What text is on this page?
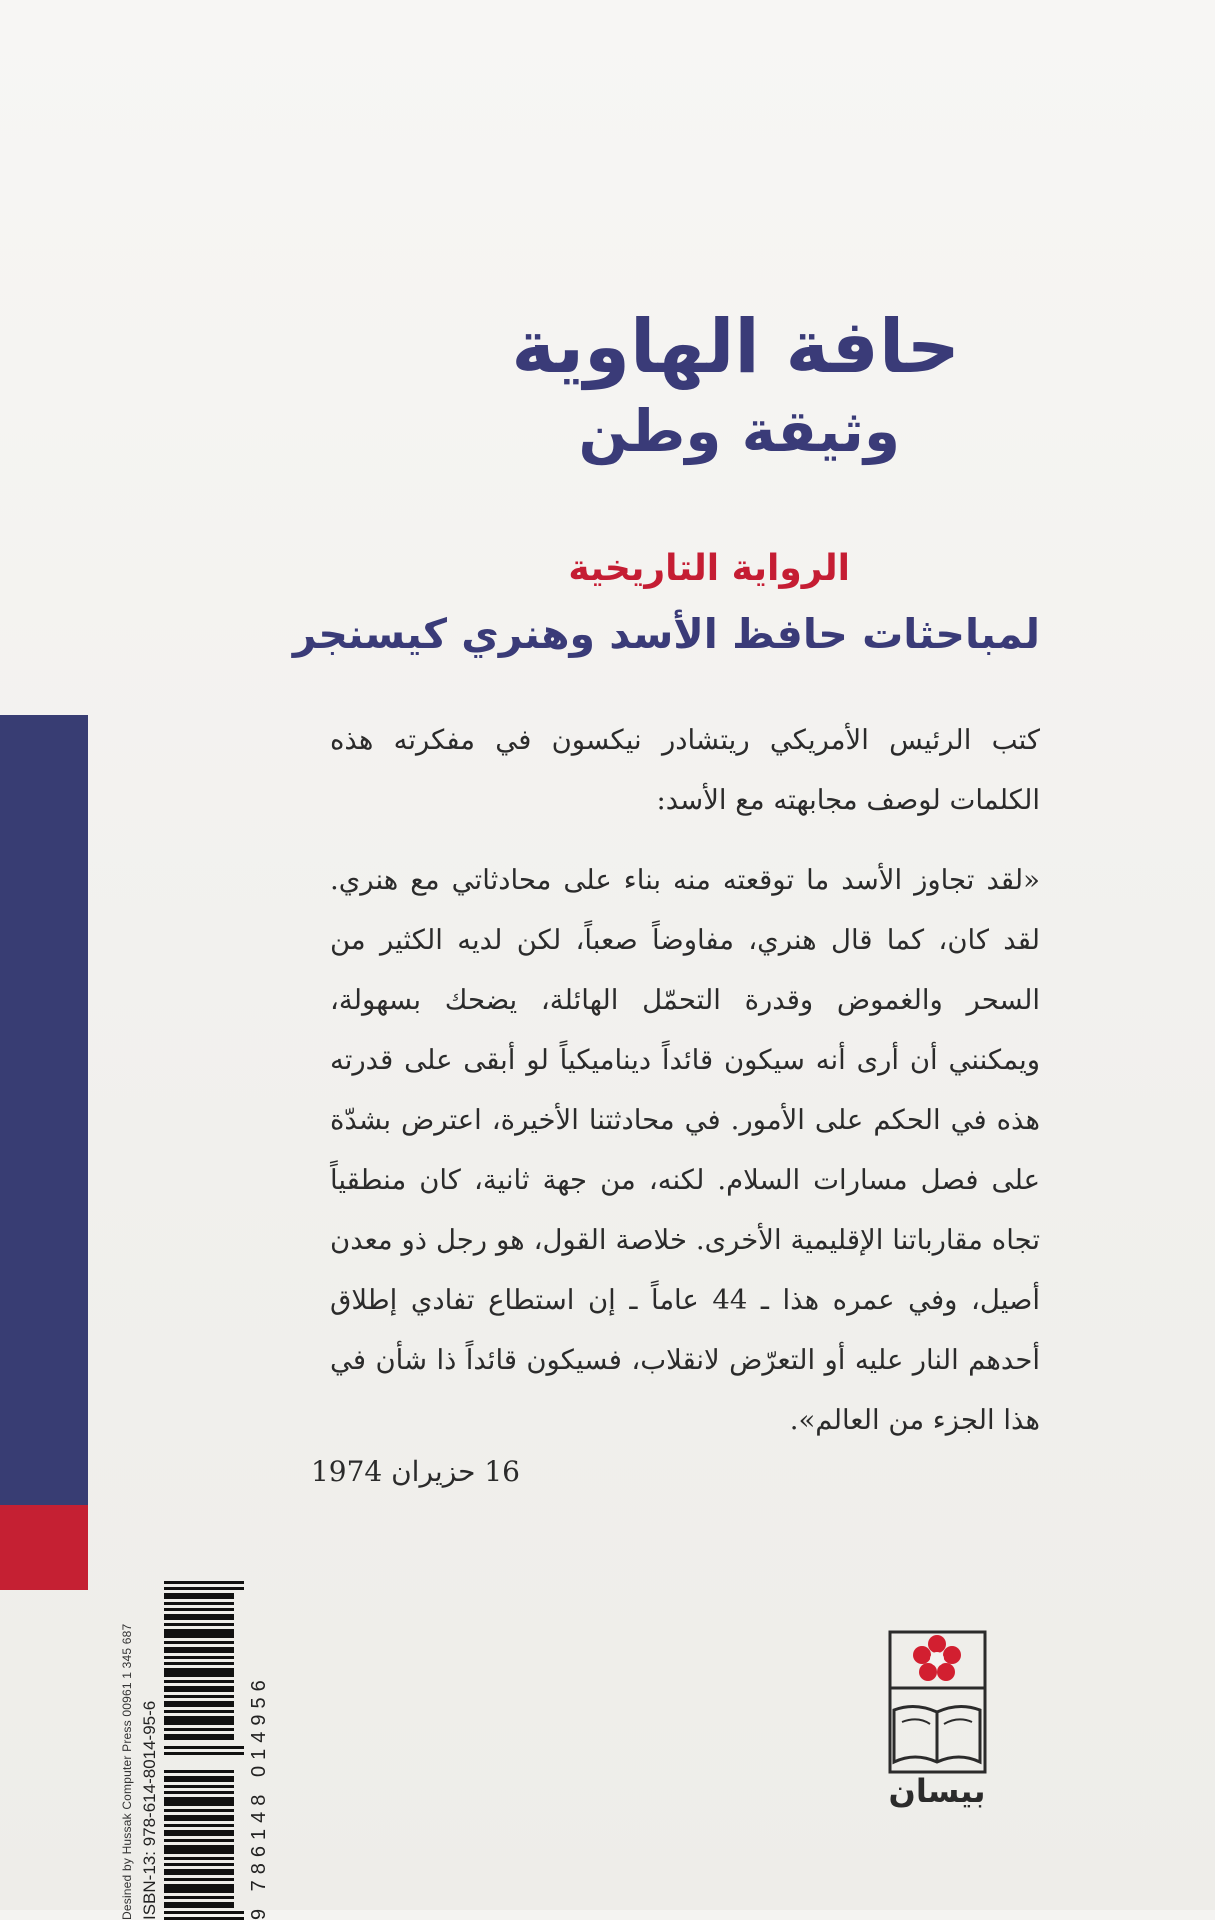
حافة الهاوية
وثيقة وطن
الرواية التاريخية
لمباحثات حافظ الأسد وهنري كيسنجر

كتب الرئيس الأمريكي ريتشادر نيكسون في مفكرته هذه الكلمات لوصف مجابهته مع الأسد:

«لقد تجاوز الأسد ما توقعته منه بناء على محادثاتي مع هنري. لقد كان، كما قال هنري، مفاوضاً صعباً، لكن لديه الكثير من السحر والغموض وقدرة التحمّل الهائلة، يضحك بسهولة، ويمكنني أن أرى أنه سيكون قائداً ديناميكياً لو أبقى على قدرته هذه في الحكم على الأمور. في محادثتنا الأخيرة، اعترض بشدّة على فصل مسارات السلام. لكنه، من جهة ثانية، كان منطقياً تجاه مقارباتنا الإقليمية الأخرى. خلاصة القول، هو رجل ذو معدن أصيل، وفي عمره هذا ـ 44 عاماً ـ إن استطاع تفادي إطلاق أحدهم النار عليه أو التعرّض لانقلاب، فسيكون قائداً ذا شأن في هذا الجزء من العالم».

16 حزيران 1974
Desined by Hussak Computer Press 00961 1 345 687 ISBN-13: 978-614-8014-95-6	9 786148 014956	بيسان
